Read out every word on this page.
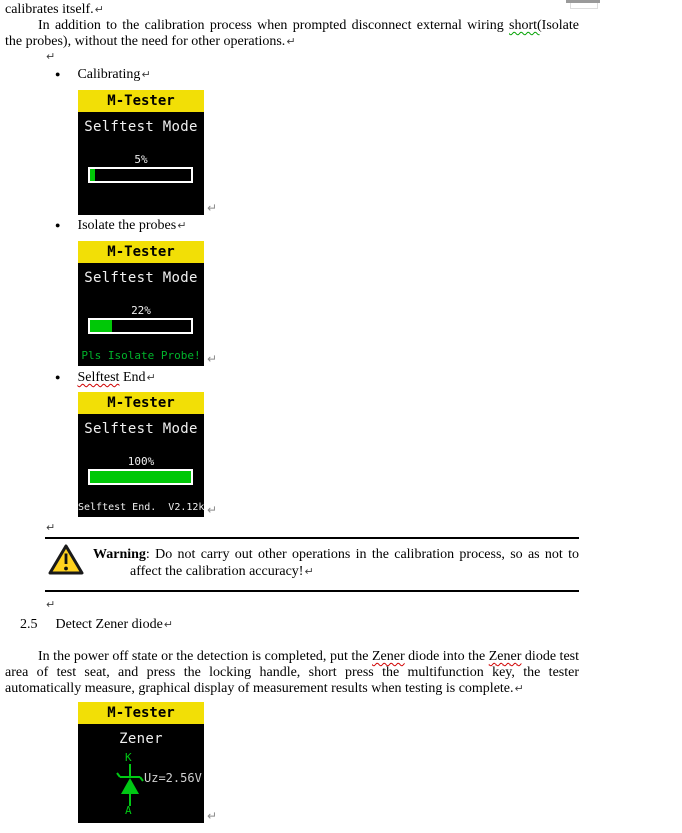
calibrates itself.↵

In addition to the calibration process when prompted disconnect external wiring short(Isolate the probes), without the need for other operations.↵

↵
● Calibrating↵
M-Tester
Selftest Mode
5%
↵
● Isolate the probes↵
M-Tester
Selftest Mode
22%
Pls Isolate Probe! ↵
● Selftest End↵
M-Tester
Selftest Mode
100%
Selftest End.  V2.12k ↵
↵
Warning: Do not carry out other operations in the calibration process, so as not to
affect the calibration accuracy!↵
↵
2.5 Detect Zener diode↵

In the power off state or the detection is completed, put the Zener diode into the Zener diode test area of test seat, and press the locking handle, short press the multifunction key, the tester automatically measure, graphical display of measurement results when testing is complete.↵

M-Tester
Zener
K
A
Uz=2.56V
↵
